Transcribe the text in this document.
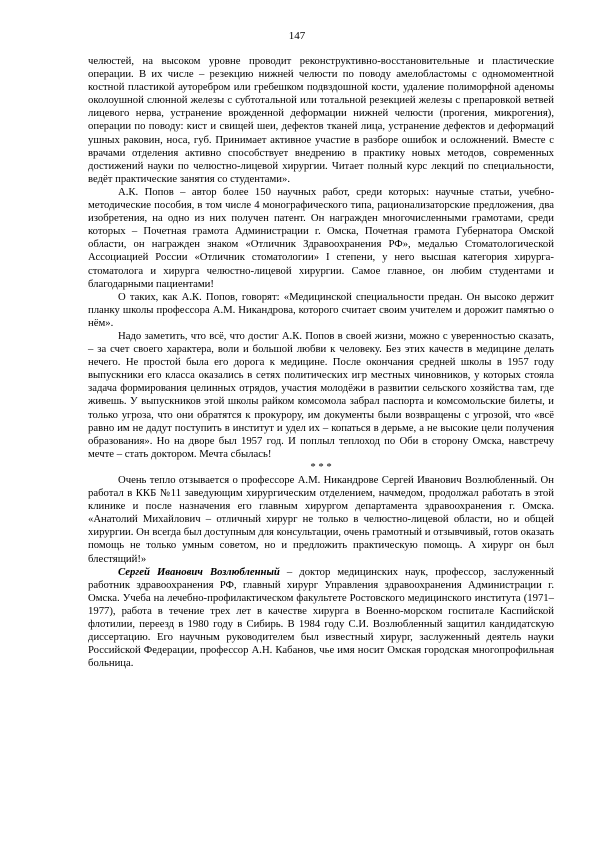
147

челюстей, на высоком уровне проводит реконструктивно-восстановительные и пластические операции. В их числе – резекцию нижней челюсти по поводу амелобластомы с одномоментной костной пластикой ауторебром или гребешком подвздошной кости, удаление полиморфной аденомы околоушной слюнной железы с субтотальной или тотальной резекцией железы с препаровкой ветвей лицевого нерва, устранение врожденной деформации нижней челюсти (прогения, микрогения), операции по поводу: кист и свищей шеи, дефектов тканей лица, устранение дефектов и деформаций ушных раковин, носа, губ. Принимает активное участие в разборе ошибок и осложнений. Вместе с врачами отделения активно способствует внедрению в практику новых методов, современных достижений науки по челюстно-лицевой хирургии. Читает полный курс лекций по специальности, ведёт практические занятия со студентами».

А.К. Попов – автор более 150 научных работ, среди которых: научные статьи, учебно-методические пособия, в том числе 4 монографического типа, рационализаторские предложения, два изобретения, на одно из них получен патент. Он награжден многочисленными грамотами, среди которых – Почетная грамота Администрации г. Омска, Почетная грамота Губернатора Омской области, он награжден знаком «Отличник Здравоохранения РФ», медалью Стоматологической Ассоциацией России «Отличник стоматологии» I степени, у него высшая категория хирурга-стоматолога и хирурга челюстно-лицевой хирургии. Самое главное, он любим студентами и благодарными пациентами!

О таких, как А.К. Попов, говорят: «Медицинской специальности предан. Он высоко держит планку школы профессора А.М. Никандрова, которого считает своим учителем и дорожит памятью о нём».

Надо заметить, что всё, что достиг А.К. Попов в своей жизни, можно с уверенностью сказать, – за счет своего характера, воли и большой любви к человеку. Без этих качеств в медицине делать нечего. Не простой была его дорога к медицине. После окончания средней школы в 1957 году выпускники его класса оказались в сетях политических игр местных чиновников, у которых стояла задача формирования целинных отрядов, участия молодёжи в развитии сельского хозяйства там, где живешь. У выпускников этой школы райком комсомола забрал паспорта и комсомольские билеты, и только угроза, что они обратятся к прокурору, им документы были возвращены с угрозой, что «всё равно им не дадут поступить в институт и удел их – копаться в дерьме, а не высокие цели получения образования». Но на дворе был 1957 год. И поплыл теплоход по Оби в сторону Омска, навстречу мечте – стать доктором. Мечта сбылась!

* * *

Очень тепло отзывается о профессоре А.М. Никандрове Сергей Иванович Возлюбленный. Он работал в ККБ №11 заведующим хирургическим отделением, начмедом, продолжал работать в этой клинике и после назначения его главным хирургом департамента здравоохранения г. Омска. «Анатолий Михайлович – отличный хирург не только в челюстно-лицевой области, но и общей хирургии. Он всегда был доступным для консультации, очень грамотный и отзывчивый, готов оказать помощь не только умным советом, но и предложить практическую помощь. А хирург он был блестящий!»

Сергей Иванович Возлюбленный – доктор медицинских наук, профессор, заслуженный работник здравоохранения РФ, главный хирург Управления здравоохранения Администрации г. Омска. Учеба на лечебно-профилактическом факультете Ростовского медицинского института (1971–1977), работа в течение трех лет в качестве хирурга в Военно-морском госпитале Каспийской флотилии, переезд в 1980 году в Сибирь. В 1984 году С.И. Возлюбленный защитил кандидатскую диссертацию. Его научным руководителем был известный хирург, заслуженный деятель науки Российской Федерации, профессор А.Н. Кабанов, чье имя носит Омская городская многопрофильная больница.
